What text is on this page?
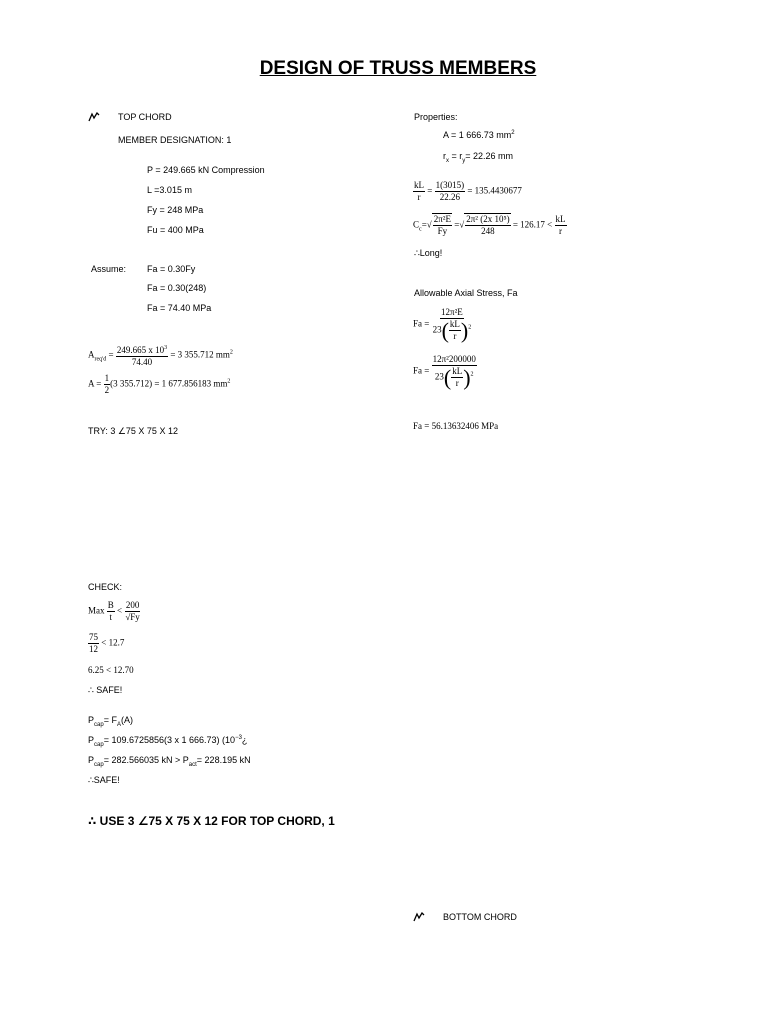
DESIGN OF TRUSS MEMBERS
TOP CHORD
MEMBER DESIGNATION: 1
P = 249.665 kN Compression
L =3.015 m
Fy = 248 MPa
Fu = 400 MPa
Assume: Fa = 0.30Fy
Fa = 0.30(248)
Fa = 74.40 MPa
$A_{req'd} = \frac{249.665 x 10^3}{74.40} = 3$ 355.712 $mm^2$
$A = \frac{1}{2} (3$ 355.712) = 1 677.856183 $mm^2$
TRY: 3 ∠75 X 75 X 12
CHECK:
Max $\frac{B}{t} < \frac{200}{√Fy}$
$\frac{75}{12} < 12.7$
6.25 < 12.70
∴ SAFE!
$P_{cap}= F_A(A)$
$P_{cap}= 109.6725856(3$ x 1 666.73) ($10^{-3}¿$
$P_{cap}= 282.566035$ kN > $P_{act}= 228.195$ kN
∴SAFE!
∴ USE 3 ∠75 X 75 X 12 FOR TOP CHORD, 1
Properties:
A = 1 666.73 $mm^2$
$r_x = r_y= 22.26$ mm
$\frac{kL}{r} = \frac{1(3015)}{22.26} = 135.4430677$
$C_c=√ \frac{\text{2π²E}}{Fy}$ =√ $\frac{\text{2π² (2x 10⁵)}}{248} = 126.17 < \frac{kL}{r}$
∴Long!
Allowable Axial Stress, Fa
$Fa = \frac{\text{12π²E}}{23( \frac{kL}{r} )^2}$
$Fa = \frac{\text{12π²200000}}{23( \frac{kL}{r} )^2}$
Fa = 56.13632406 MPa
BOTTOM CHORD
